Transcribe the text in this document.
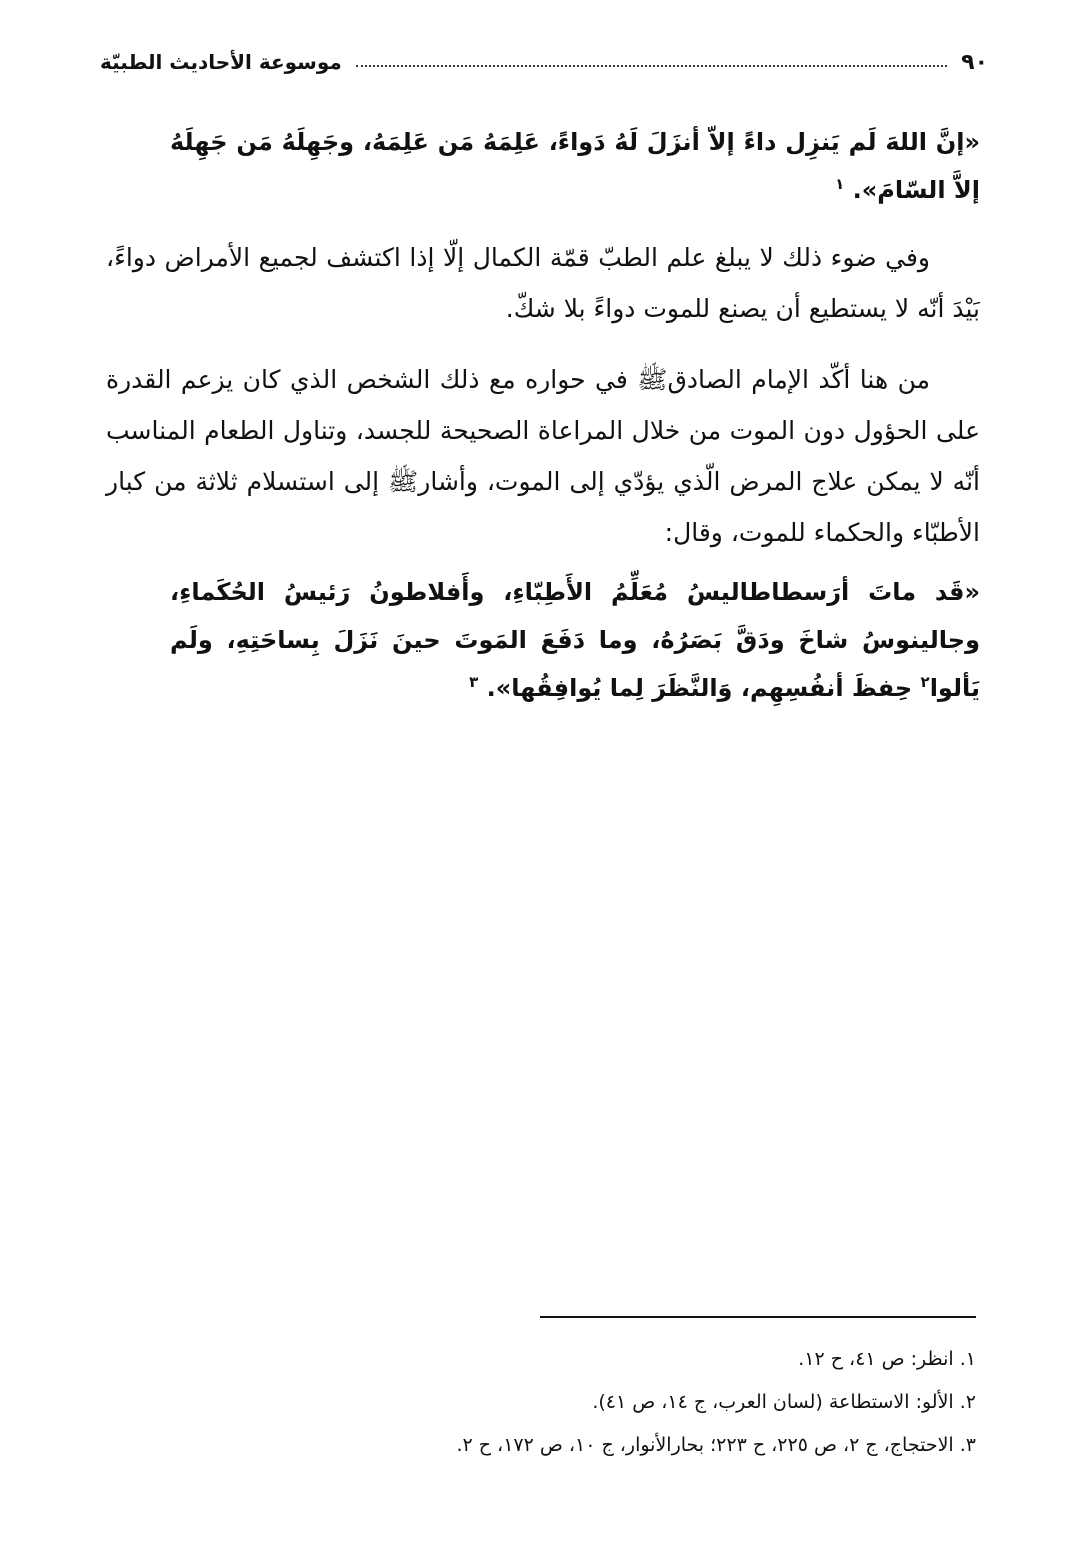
٩٠
موسوعة الأحاديث الطبيّة

«إنَّ اللهَ لَم يَنزِل داءً إلاّ أنزَلَ لَهُ دَواءً، عَلِمَهُ مَن عَلِمَهُ، وجَهِلَهُ مَن جَهِلَهُ إلاَّ السّامَ». $^١$

وفي ضوء ذلك لا يبلغ علم الطبّ قمّة الكمال إلّا إذا اكتشف لجميع الأمراض دواءً، بَيْدَ أنّه لا يستطيع أن يصنع للموت دواءً بلا شكّ.

من هنا أكّد الإمام الصادق‏ﷺ في حواره مع ذلك الشخص الذي كان يزعم القدرة على الحؤول دون الموت من خلال المراعاة الصحيحة للجسد، وتناول الطعام المناسب أنّه لا يمكن علاج المرض الّذي يؤدّي إلى الموت، وأشار‏ﷺ إلى استسلام ثلاثة من كبار الأطبّاء والحكماء للموت، وقال:

«قَد ماتَ أرَسطاطاليسُ مُعَلِّمُ الأَطِبّاءِ، وأَفلاطونُ رَئيسُ الحُكَماءِ، وجالينوسُ شاخَ ودَقَّ بَصَرُهُ، وما دَفَعَ المَوتَ حينَ نَزَلَ بِساحَتِهِ، ولَم يَألوا$^٢$ حِفظَ أنفُسِهِم، وَالنَّظَرَ لِما يُوافِقُها». $^٣$

١. انظر: ص ٤١، ح ١٢.

٢. الألو: الاستطاعة (لسان العرب، ج ١٤، ص ٤١).

٣. الاحتجاج، ج ٢، ص ٢٢٥، ح ٢٢٣؛ بحارالأنوار، ج ١٠، ص ١٧٢، ح ٢.
